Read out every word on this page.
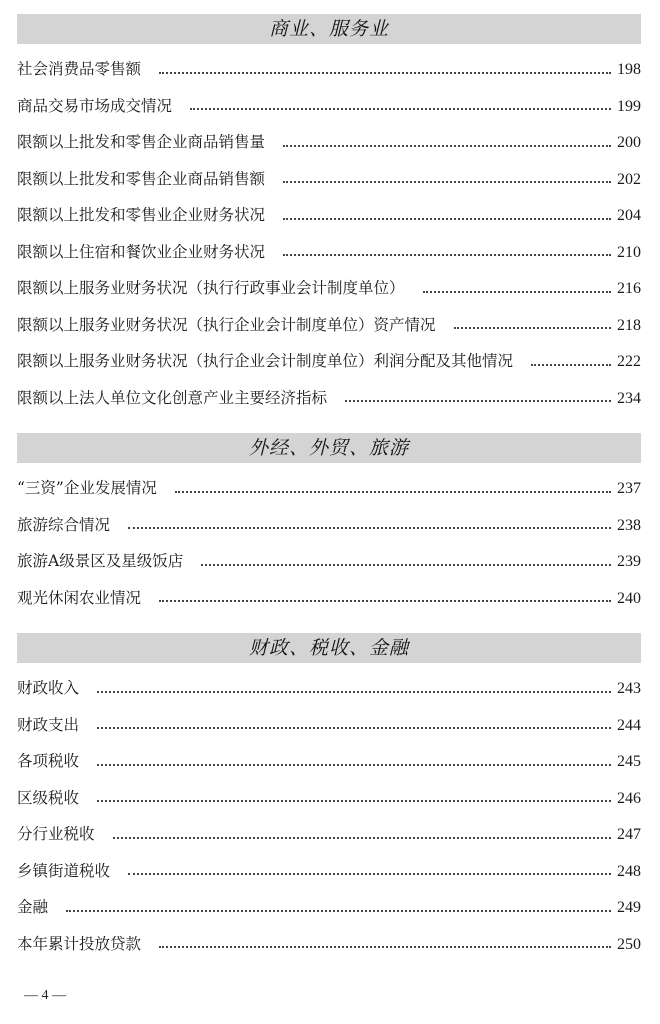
商业、服务业
社会消费品零售额	198
商品交易市场成交情况	199
限额以上批发和零售企业商品销售量	200
限额以上批发和零售企业商品销售额	202
限额以上批发和零售业企业财务状况	204
限额以上住宿和餐饮业企业财务状况	210
限额以上服务业财务状况（执行行政事业会计制度单位）	216
限额以上服务业财务状况（执行企业会计制度单位）资产情况	218
限额以上服务业财务状况（执行企业会计制度单位）利润分配及其他情况	222
限额以上法人单位文化创意产业主要经济指标	234
外经、外贸、旅游
“三资”企业发展情况	237
旅游综合情况	238
旅游A级景区及星级饭店	239
观光休闲农业情况	240
财政、税收、金融
财政收入	243
财政支出	244
各项税收	245
区级税收	246
分行业税收	247
乡镇街道税收	248
金融	249
本年累计投放贷款	250
— 4 —
